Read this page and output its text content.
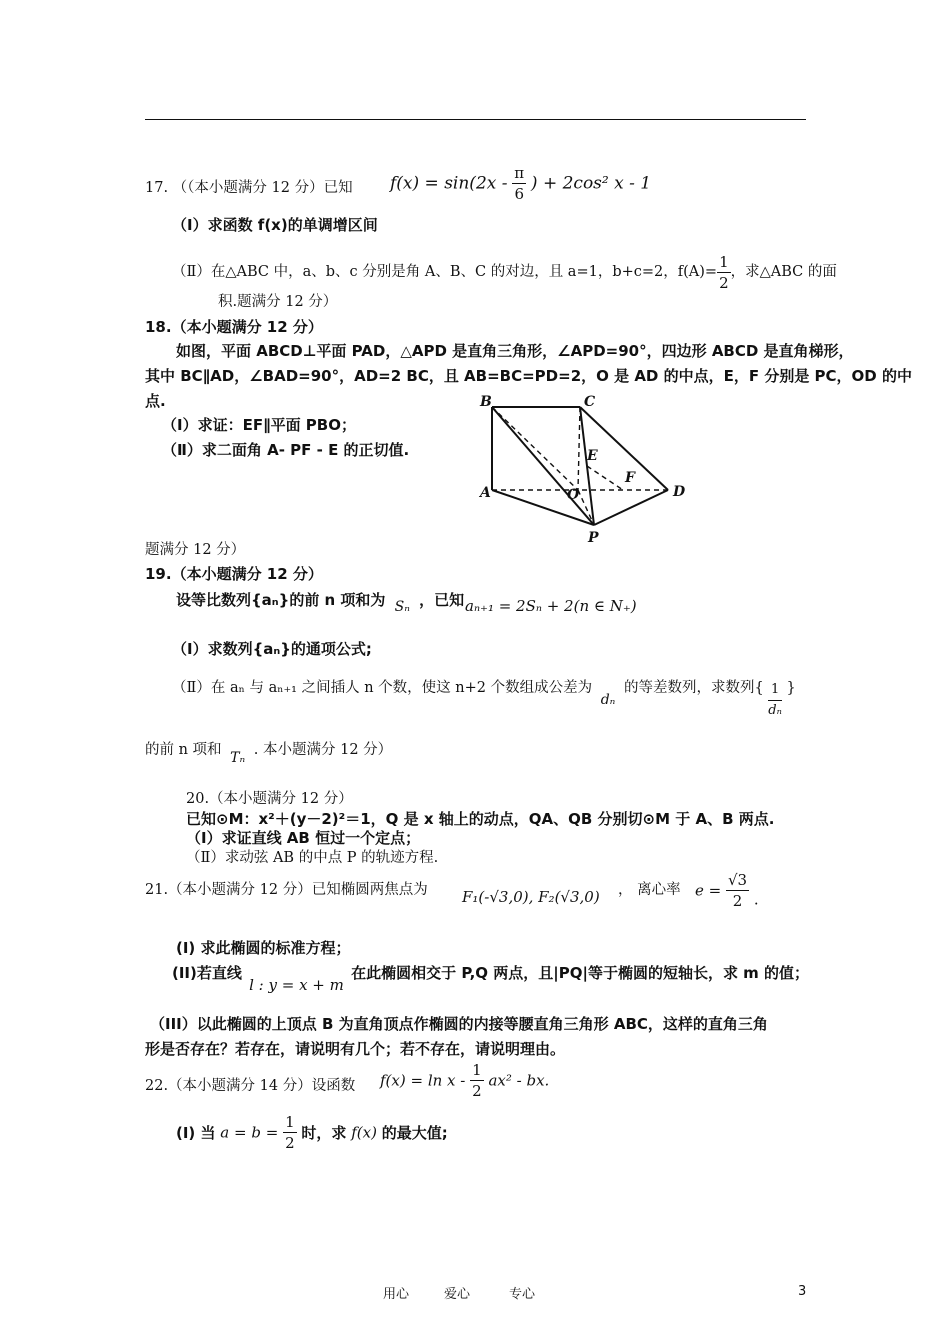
17. （（本小题满分 12 分）已知 $f(x) = \sin(2x - \frac{\pi}{6}$ ) + 2cos² x - 1
（Ⅰ）求函数 f(x)的单调增区间
（Ⅱ）在△ABC 中，a、b、c 分别是角 A、B、C 的对边，且 a=1，b+c=2，$f(A)= \frac{1}{2}$ ，求△ABC 的面
积.题满分 12 分）
18.（本小题满分 12 分）
如图，平面 ABCD⊥平面 PAD，△APD 是直角三角形，∠APD=90°，四边形 ABCD 是直角梯形，
其中 BC∥AD，∠BAD=90°，AD=2 BC，且 AB=BC=PD=2，O 是 AD 的中点，E，F 分别是 PC，OD 的中
点.
（Ⅰ）求证：EF∥平面 PBO；
（Ⅱ）求二面角 A- PF - E 的正切值.
B	C
A	D
E
F
O
P
题满分 12 分）
19.（本小题满分 12 分）
设等比数列{aₙ}的前 n 项和为 Sₙ ，已知 aₙ₊₁ = 2Sₙ + 2(n ∈ N₊)
（Ⅰ）求数列{aₙ}的通项公式;
（Ⅱ）在 aₙ 与 aₙ₊₁ 之间插人 n 个数，使这 n+2 个数组成公差为 dₙ 的等差数列，求数列{ $\frac{1}{\text{dₙ}}$ }
的前 n 项和 Tₙ . 本小题满分 12 分）
20.（本小题满分 12 分）
已知⊙M：x²＋(y－2)²＝1，Q 是 x 轴上的动点，QA、QB 分别切⊙M 于 A、B 两点.
（Ⅰ）求证直线 AB 恒过一个定点；
（Ⅱ）求动弦 AB 的中点 P 的轨迹方程.
21.（本小题满分 12 分）已知椭圆两焦点为 F₁(-√3,0), F₂(√3,0) ， 离心率 $e = \frac{√3}{2}$ .
(I) 求此椭圆的标准方程；
(II)若直线 l : y = x + m 在此椭圆相交于 P,Q 两点，且|PQ|等于椭圆的短轴长，求 m 的值；
（III）以此椭圆的上顶点 B 为直角顶点作椭圆的内接等腰直角三角形 ABC，这样的直角三角
形是否存在？若存在，请说明有几个；若不存在，请说明理由。
22.（本小题满分 14 分）设函数 $f(x) = \ln x - \frac{1}{2} ax^2$ - bx.
(I) 当 $a = b = \frac{1}{2}$ 时，求 f(x) 的最大值;
用心	爱心	专心	3
